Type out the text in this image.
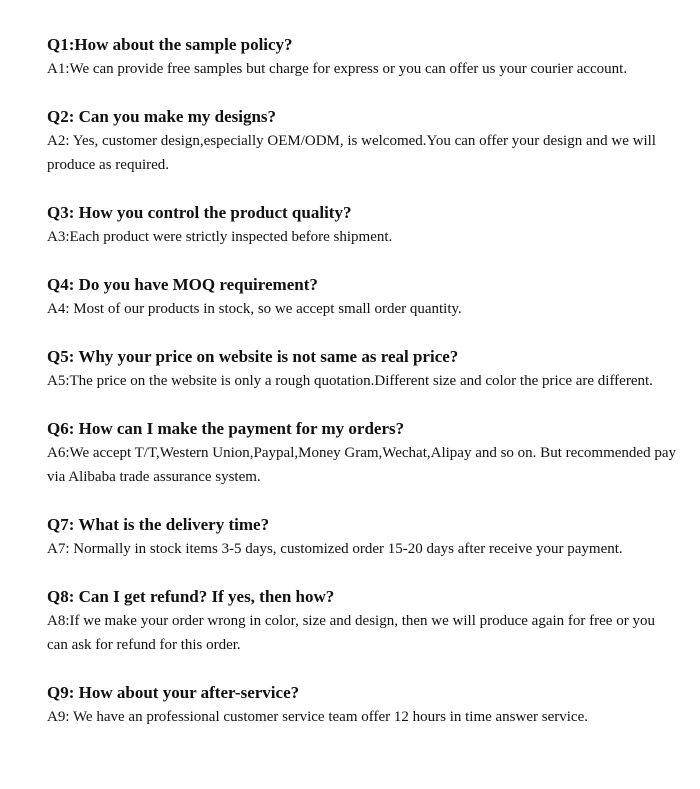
Q1:How about the sample policy?

A1:We can provide free samples but charge for express or you can offer us your courier account.

Q2: Can you make my designs?

A2: Yes, customer design,especially OEM/ODM, is welcomed.You can offer your design and we will produce as required.

Q3: How you control the product quality?

A3:Each product were strictly inspected before shipment.

Q4: Do you have MOQ requirement?

A4: Most of our products in stock, so we accept small order quantity.

Q5: Why your price on website is not same as real price?

A5:The price on the website is only a rough quotation.Different size and color the price are different.

Q6: How can I make the payment for my orders?

A6:We accept T/T,Western Union,Paypal,Money Gram,Wechat,Alipay and so on. But recommended pay via Alibaba trade assurance system.

Q7: What is the delivery time?

A7: Normally in stock items 3-5 days, customized order 15-20 days after receive your payment.

Q8: Can I get refund? If yes, then how?

A8:If we make your order wrong in color, size and design, then we will produce again for free or you can ask for refund for this order.

Q9: How about your after-service?

A9: We have an professional customer service team offer 12 hours in time answer service.
